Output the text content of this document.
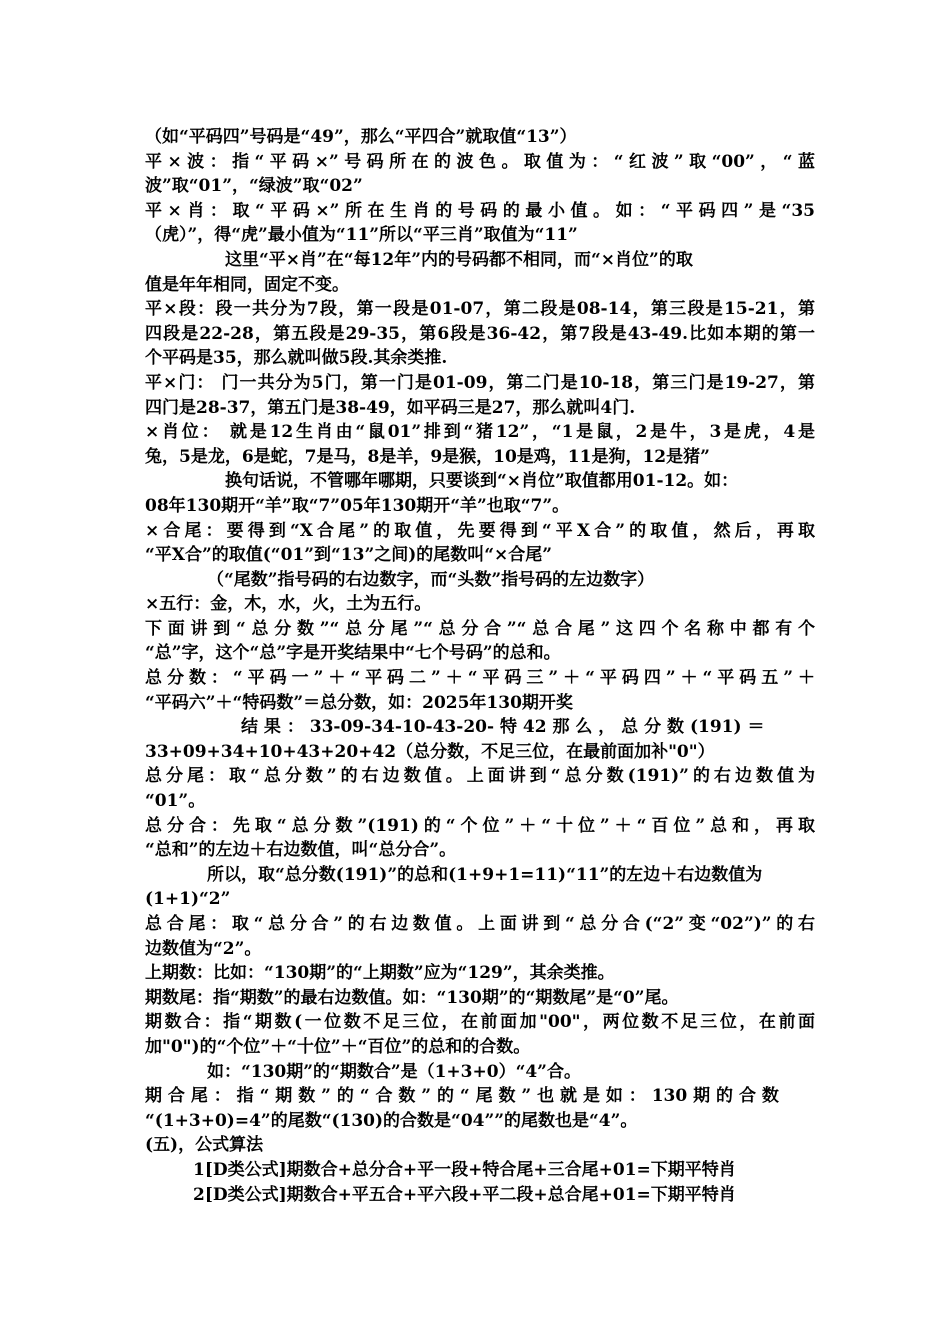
（如“平码四”号码是“49”，那么“平四合”就取值“13”）
平×波：指“平码×”号码所在的波色。取值为：“红波”取“00”，“蓝
波”取“01”，“绿波”取“02”
平×肖：取“平码×”所在生肖的号码的最小值。如：“平码四”是“35
（虎）”，得“虎”最小值为“11”所以“平三肖”取值为“11”
这里“平×肖”在“每12年”内的号码都不相同，而“×肖位”的取
值是年年相同，固定不变。
平×段：段一共分为7段，第一段是01-07，第二段是08-14，第三段是15-21，第
四段是22-28，第五段是29-35，第6段是36-42，第7段是43-49.比如本期的第一
个平码是35，那么就叫做5段.其余类推.
平×门： 门一共分为5门，第一门是01-09，第二门是10-18，第三门是19-27，第
四门是28-37，第五门是38-49，如平码三是27，那么就叫4门.
×肖位： 就是12生肖由“鼠01”排到“猪12”，“1是鼠，2是牛，3是虎，4是
兔，5是龙，6是蛇，7是马，8是羊，9是猴，10是鸡，11是狗，12是猪”
换句话说，不管哪年哪期，只要谈到“×肖位”取值都用01-12。如：
08年130期开“羊”取“7”05年130期开“羊”也取“7”。
×合尾：要得到“X合尾”的取值，先要得到“平X合”的取值，然后，再取
“平X合”的取值(“01”到“13”之间)的尾数叫“×合尾”
（“尾数”指号码的右边数字，而“头数”指号码的左边数字）
×五行：金，木，水，火，土为五行。
下面讲到“总分数”“总分尾”“总分合”“总合尾”这四个名称中都有个
“总”字，这个“总”字是开奖结果中“七个号码”的总和。
总分数：“平码一”＋“平码二”＋“平码三”＋“平码四”＋“平码五”＋
“平码六”＋“特码数”＝总分数，如：2025年130期开奖
结 果 ： 33-09-34-10-43-20- 特 42 那 么 ， 总 分 数 (191) ＝
33+09+34+10+43+20+42（总分数，不足三位，在最前面加补"0"）
总分尾：取“总分数”的右边数值。上面讲到“总分数(191)”的右边数值为
“01”。
总分合：先取“总分数”(191)的“个位”＋“十位”＋“百位”总和，再取
“总和”的左边＋右边数值，叫“总分合”。
所以，取“总分数(191)”的总和(1+9+1=11)“11”的左边＋右边数值为
(1+1)“2”
总合尾：取“总分合”的右边数值。上面讲到“总分合(“2”变“02”)”的右
边数值为“2”。
上期数：比如：“130期”的“上期数”应为“129”，其余类推。
期数尾：指“期数”的最右边数值。如：“130期”的“期数尾”是“0”尾。
期数合：指“期数(一位数不足三位，在前面加"00"，两位数不足三位，在前面
加"0")的“个位”＋“十位”＋“百位”的总和的合数。
如：“130期”的“期数合”是（1+3+0）“4”合。
期 合 尾 ： 指 “ 期 数 ” 的 “ 合 数 ” 的 “ 尾 数 ” 也 就 是 如 ： 130 期 的 合 数
“(1+3+0)=4”的尾数“(130)的合数是“04””的尾数也是“4”。
(五)，公式算法
1[D类公式]期数合+总分合+平一段+特合尾+三合尾+01=下期平特肖
2[D类公式]期数合+平五合+平六段+平二段+总合尾+01=下期平特肖
